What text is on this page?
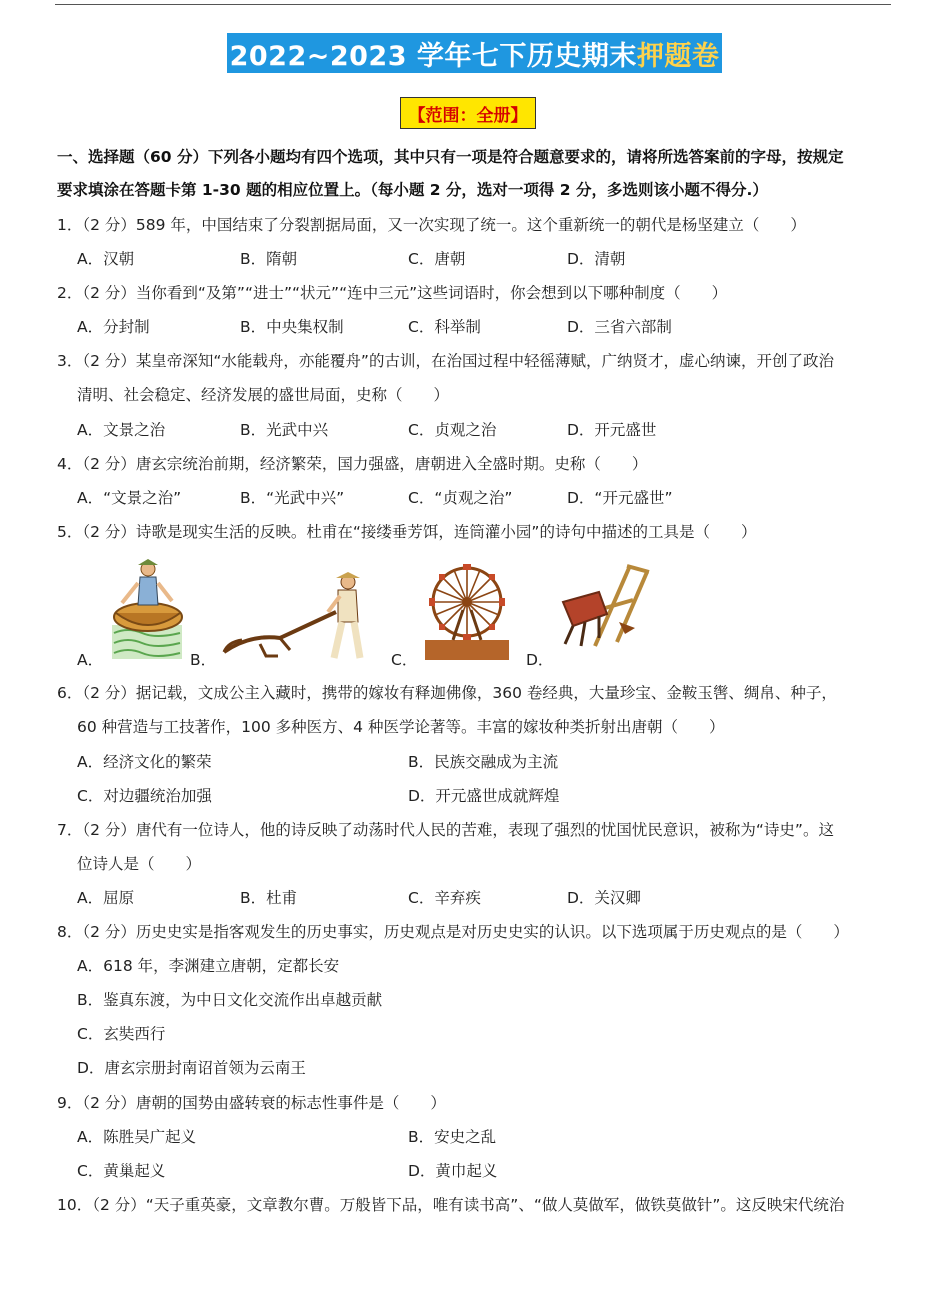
2022~2023 学年七下历史期末 押题卷
【范围：全册】
一、选择题（60 分）下列各小题均有四个选项，其中只有一项是符合题意要求的，请将所选答案前的字母，按规定
要求填涂在答题卡第 1-30 题的相应位置上。（每小题 2 分，选对一项得 2 分，多选则该小题不得分.）
1．（2 分）589 年，中国结束了分裂割据局面，又一次实现了统一。这个重新统一的朝代是杨坚建立（　　）
A．汉朝	B．隋朝	C．唐朝	D．清朝
2．（2 分）当你看到“及第”“进士”“状元”“连中三元”这些词语时，你会想到以下哪种制度（　　）
A．分封制	B．中央集权制	C．科举制	D．三省六部制
3．（2 分）某皇帝深知“水能载舟，亦能覆舟”的古训，在治国过程中轻徭薄赋，广纳贤才，虚心纳谏，开创了政治
清明、社会稳定、经济发展的盛世局面，史称（　　）
A．文景之治	B．光武中兴	C．贞观之治	D．开元盛世
4．（2 分）唐玄宗统治前期，经济繁荣，国力强盛，唐朝进入全盛时期。史称（　　）
A．“文景之治”	B．“光武中兴”	C．“贞观之治”	D．“开元盛世”
5．（2 分）诗歌是现实生活的反映。杜甫在“接缕垂芳饵，连筒灌小园”的诗句中描述的工具是（　　）
A．	B．	C．	D．
6．（2 分）据记载，文成公主入藏时，携带的嫁妆有释迦佛像，360 卷经典，大量珍宝、金鞍玉辔、绸帛、种子，
60 种营造与工技著作，100 多种医方、4 种医学论著等。丰富的嫁妆种类折射出唐朝（　　）
A．经济文化的繁荣	B．民族交融成为主流
C．对边疆统治加强	D．开元盛世成就辉煌
7．（2 分）唐代有一位诗人，他的诗反映了动荡时代人民的苦难，表现了强烈的忧国忧民意识，被称为“诗史”。这
位诗人是（　　）
A．屈原	B．杜甫	C．辛弃疾	D．关汉卿
8．（2 分）历史史实是指客观发生的历史事实，历史观点是对历史史实的认识。以下选项属于历史观点的是（　　）
A．618 年，李渊建立唐朝，定都长安
B．鉴真东渡，为中日文化交流作出卓越贡献
C．玄奘西行
D．唐玄宗册封南诏首领为云南王
9．（2 分）唐朝的国势由盛转衰的标志性事件是（　　）
A．陈胜吴广起义	B．安史之乱
C．黄巢起义	D．黄巾起义
10．（2 分）“天子重英豪，文章教尔曹。万般皆下品，唯有读书高”、“做人莫做军，做铁莫做针”。这反映宋代统治
